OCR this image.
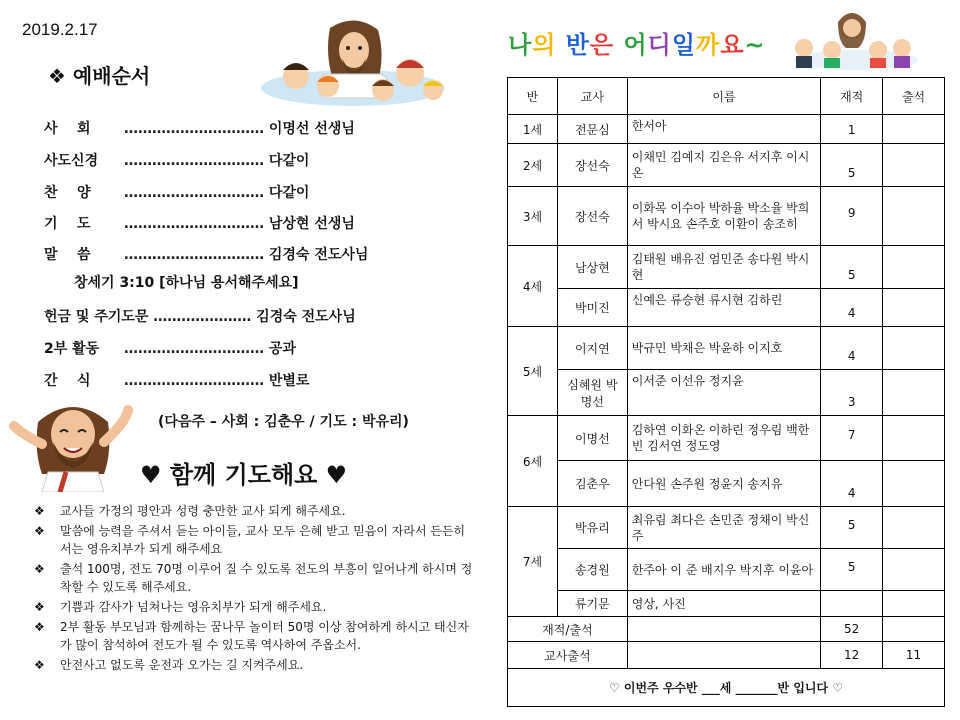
2019.2.17
❖ 예배순서
사    회 ………………………… 이명선 선생님
사도신경 ………………………… 다같이
찬    양 ………………………… 다같이
기    도 ………………………… 남상현 선생님
말    씀 ………………………… 김경숙 전도사님
창세기 3:10 [하나님 용서해주세요]
헌금 및 주기도문 ………………… 김경숙 전도사님
2부 활동 ………………………… 공과
간    식 ………………………… 반별로
(다음주 – 사회 : 김춘우 / 기도 : 박유리)
♥ 함께 기도해요 ♥
❖ 교사들 가정의 평안과 성령 충만한 교사 되게 해주세요.
❖ 말씀에 능력을 주셔서 듣는 아이들, 교사 모두 은혜 받고 믿음이 자라서 든든히 서는 영유치부가 되게 해주세요
❖ 출석 100명, 전도 70명 이루어 질 수 있도록 전도의 부흥이 일어나게 하시며 정착할 수 있도록 해주세요.
❖ 기쁨과 감사가 넘쳐나는 영유치부가 되게 해주세요.
❖ 2부 활동 부모님과 함께하는 꿈나무 놀이터 50명 이상 참여하게 하시고 태신자가 많이 참석하여 전도가 될 수 있도록 역사하여 주옵소서.
❖ 안전사고 없도록 운전과 오가는 길 지켜주세요.
나의 반은 어디일까요~
반	교사	이름	재적	출석
1세	전문심	한서아	1	
2세	장선숙	이채민 김예지 김은유 서지후 이시온	5	
3세	장선숙	이화목 이수아 박하율 박소율 박희서 박시요 손주호 이환이 송조히	9	
4세	남상현	김태원 배유진 엄민준 송다원 박시현	5	
	박미진	신예은 류승현 류시현 김하린	4	
5세	이지연	박규민 박채은 박윤하 이지호	4	
	심혜원 박명선	이서준 이선유 정지윤	3	
6세	이명선	김하연 이화온 이하린 정우림 백한빈 김서연 정도영	7	
	김춘우	안다원 손주원 정윤지 송지유	4	
7세	박유리	최유림 최다은 손민준 정채이 박신주	5	
	송경원	한주아 이 준 배지우 박지후 이윤아	5	
	류기문	영상, 사진		
재적/출석			52	
교사출석			12	11
♡ 이번주 우수반 ___세 _______반 입니다 ♡				
